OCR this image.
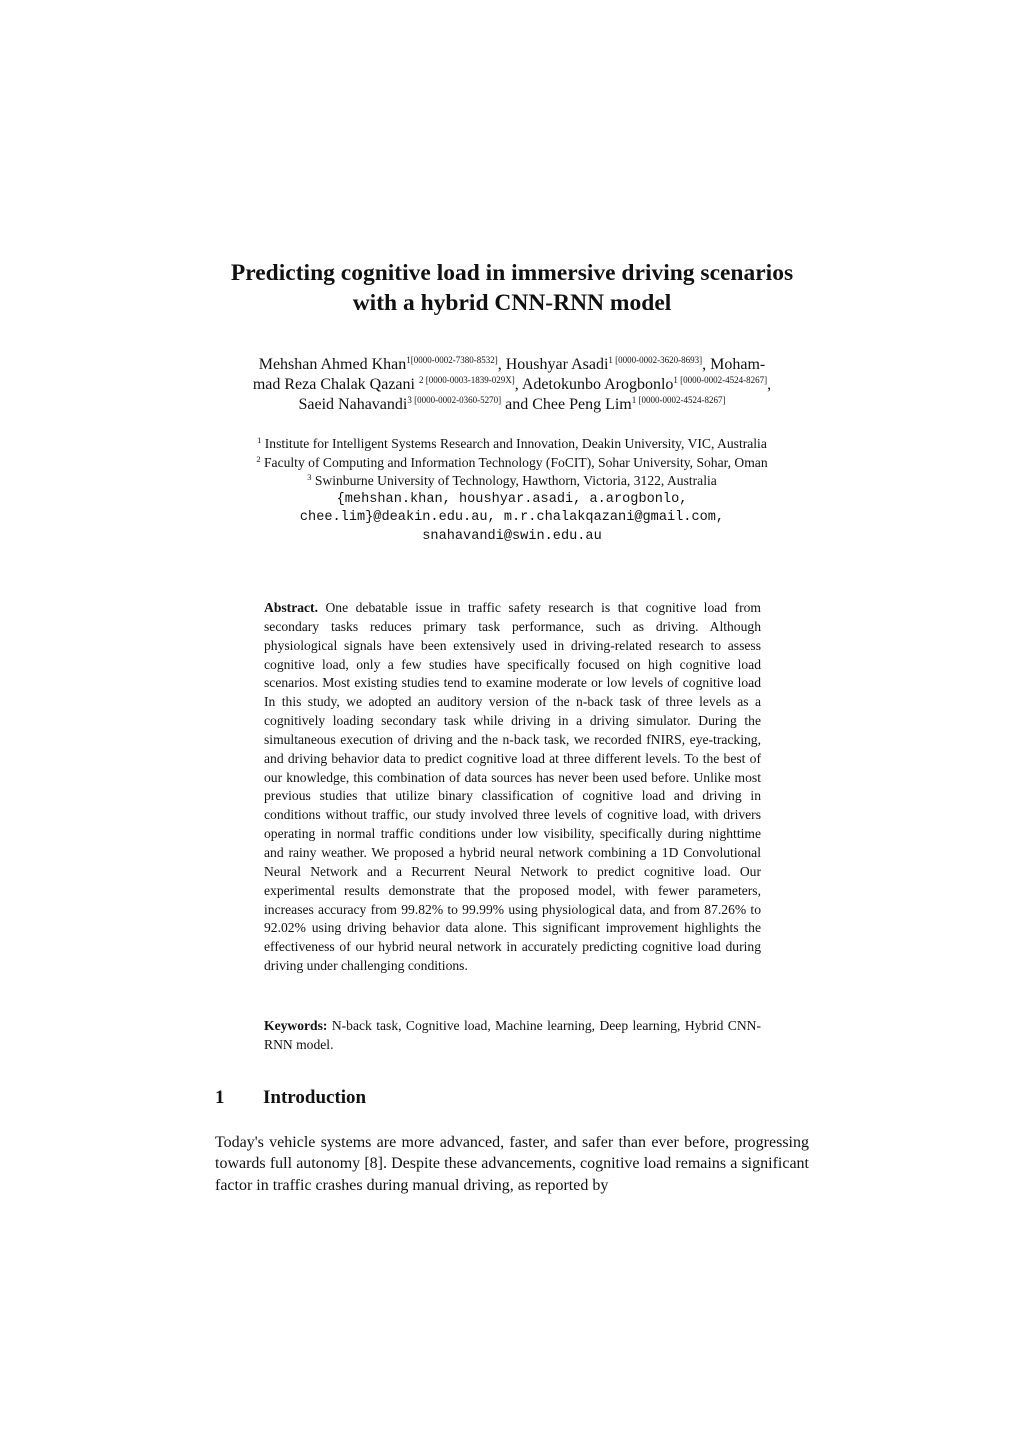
Predicting cognitive load in immersive driving scenarios
with a hybrid CNN-RNN model
Mehshan Ahmed Khan$^{1[0000-0002-7380-8532]}$, Houshyar Asadi$^{1 [0000-0002-3620-8693]}$, Moham-
mad Reza Chalak Qazani $^{2 [0000-0003-1839-029X]}$, Adetokunbo Arogbonlo$^{1 [0000-0002-4524-8267]}$,
Saeid Nahavandi$^{3 [0000-0002-0360-5270]}$ and Chee Peng Lim$^{1 [0000-0002-4524-8267]}$
$^1$ Institute for Intelligent Systems Research and Innovation, Deakin University, VIC, Australia
$^2$ Faculty of Computing and Information Technology (FoCIT), Sohar University, Sohar, Oman
$^3$ Swinburne University of Technology, Hawthorn, Victoria, 3122, Australia
{mehshan.khan, houshyar.asadi, a.arogbonlo,
chee.lim}@deakin.edu.au, m.r.chalakqazani@gmail.com,
snahavandi@swin.edu.au
Abstract. One debatable issue in traffic safety research is that cognitive load from secondary tasks reduces primary task performance, such as driving. Although physiological signals have been extensively used in driving-related research to assess cognitive load, only a few studies have specifically focused on high cognitive load scenarios. Most existing studies tend to examine moderate or low levels of cognitive load In this study, we adopted an auditory version of the n-back task of three levels as a cognitively loading secondary task while driving in a driving simulator. During the simultaneous execution of driving and the n-back task, we recorded fNIRS, eye-tracking, and driving behavior data to predict cognitive load at three different levels. To the best of our knowledge, this combination of data sources has never been used before. Unlike most previous studies that utilize binary classification of cognitive load and driving in conditions without traffic, our study involved three levels of cognitive load, with drivers operating in normal traffic conditions under low visibility, specifically during nighttime and rainy weather. We proposed a hybrid neural network combining a 1D Convolutional Neural Network and a Recurrent Neural Network to predict cognitive load. Our experimental results demonstrate that the proposed model, with fewer parameters, increases accuracy from 99.82% to 99.99% using physiological data, and from 87.26% to 92.02% using driving behavior data alone. This significant improvement highlights the effectiveness of our hybrid neural network in accurately predicting cognitive load during driving under challenging conditions.
Keywords: N-back task, Cognitive load, Machine learning, Deep learning, Hybrid CNN-RNN model.
1 Introduction

Today's vehicle systems are more advanced, faster, and safer than ever before, progressing towards full autonomy [8]. Despite these advancements, cognitive load remains a significant factor in traffic crashes during manual driving, as reported by
